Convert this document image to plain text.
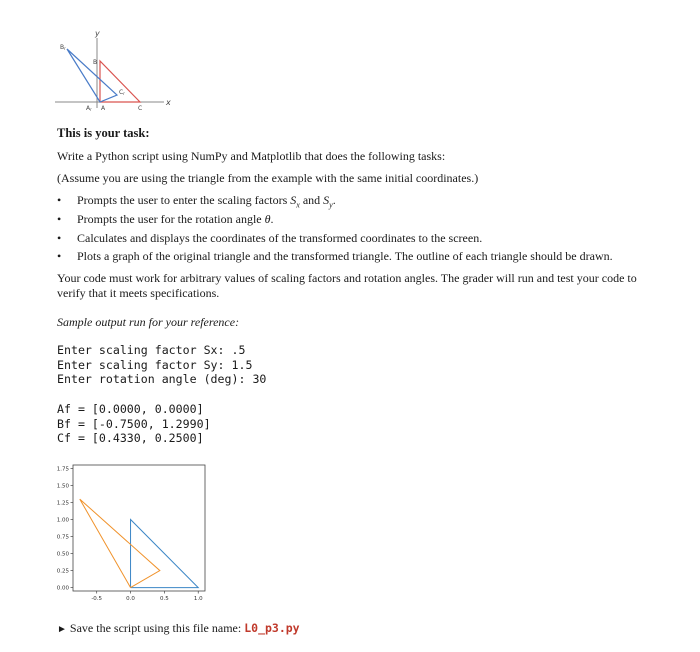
y
x
Br
B
Cr
Ar A	C
This is your task:
Write a Python script using NumPy and Matplotlib that does the following tasks:
(Assume you are using the triangle from the example with the same initial coordinates.)
• Prompts the user to enter the scaling factors $S_x$ and $S_y$.
• Prompts the user for the rotation angle θ.
• Calculates and displays the coordinates of the transformed coordinates to the screen.
• Plots a graph of the original triangle and the transformed triangle. The outline of each triangle should be drawn.
Your code must work for arbitrary values of scaling factors and rotation angles. The grader will run and test your code to verify that it meets specifications.
Sample output run for your reference:
Enter scaling factor Sx: .5
Enter scaling factor Sy: 1.5
Enter rotation angle (deg): 30
Af = [0.0000, 0.0000]
Bf = [-0.7500, 1.2990]
Cf = [0.4330, 0.2500]
-0.5	0.0	0.5	1.0
0.00
0.25
0.50
0.75
1.00
1.25
1.50
1.75
► Save the script using this file name: L0_p3.py
